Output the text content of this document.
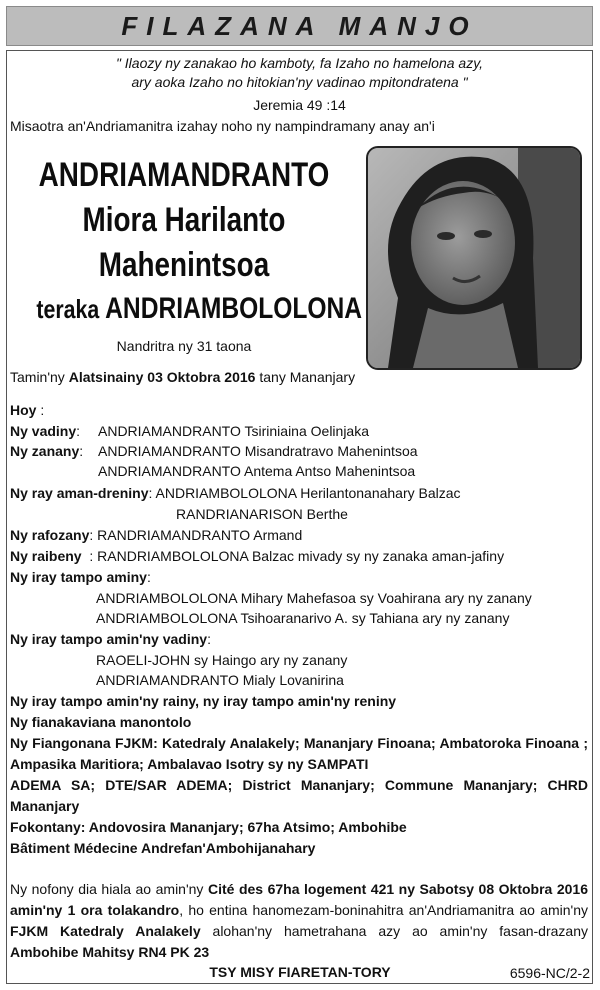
FILAZANA MANJO
" Ilaozy ny zanakao ho kamboty, fa Izaho no hamelona azy,
ary aoka Izaho no hitokian'ny vadinao mpitondratena "
Jeremia 49 :14
Misaotra an'Andriamanitra izahay noho ny nampindramany anay an'i
ANDRIAMANDRANTO
Miora Harilanto
Mahenintsoa
teraka ANDRIAMBOLOLONA
Nandritra ny 31 taona
Tamin'ny Alatsinainy 03 Oktobra 2016 tany Mananjary
Hoy :
Ny vadiny: ANDRIAMANDRANTO Tsiriniaina Oelinjaka
Ny zanany: ANDRIAMANDRANTO Misandratravo Mahenintsoa
ANDRIAMANDRANTO Antema Antso Mahenintsoa
Ny ray aman-dreniny: ANDRIAMBOLOLONA Herilantonanahary Balzac
RANDRIANARISON Berthe
Ny rafozany: RANDRIAMANDRANTO Armand
Ny raibeny  : RANDRIAMBOLOLONA Balzac mivady sy ny zanaka aman-jafiny
Ny iray tampo aminy:
ANDRIAMBOLOLONA Mihary Mahefasoa sy Voahirana ary ny zanany
ANDRIAMBOLOLONA Tsihoaranarivo A. sy Tahiana ary ny zanany
Ny iray tampo amin'ny vadiny:
RAOELI-JOHN sy Haingo ary ny zanany
ANDRIAMANDRANTO Mialy Lovanirina
Ny iray tampo amin'ny rainy, ny iray tampo amin'ny reniny
Ny fianakaviana manontolo
Ny Fiangonana FJKM: Katedraly Analakely; Mananjary Finoana; Ambatoroka Finoana ;
Ampasika Maritiora; Ambalavao Isotry sy ny SAMPATI
ADEMA SA; DTE/SAR ADEMA; District Mananjary; Commune Mananjary; CHRD
Mananjary
Fokontany: Andovosira Mananjary; 67ha Atsimo; Ambohibe
Bâtiment Médecine Andrefan'Ambohijanahary
Ny nofony dia hiala ao amin'ny Cité des 67ha logement 421 ny Sabotsy 08 Oktobra 2016
amin'ny 1 ora tolakandro, ho entina hanomezam-boninahitra an'Andriamanitra ao amin'ny
FJKM Katedraly Analakely alohan'ny hametrahana azy ao amin'ny fasan-drazany
Ambohibe Mahitsy RN4 PK 23
TSY MISY FIARETAN-TORY	6596-NC/2-2
